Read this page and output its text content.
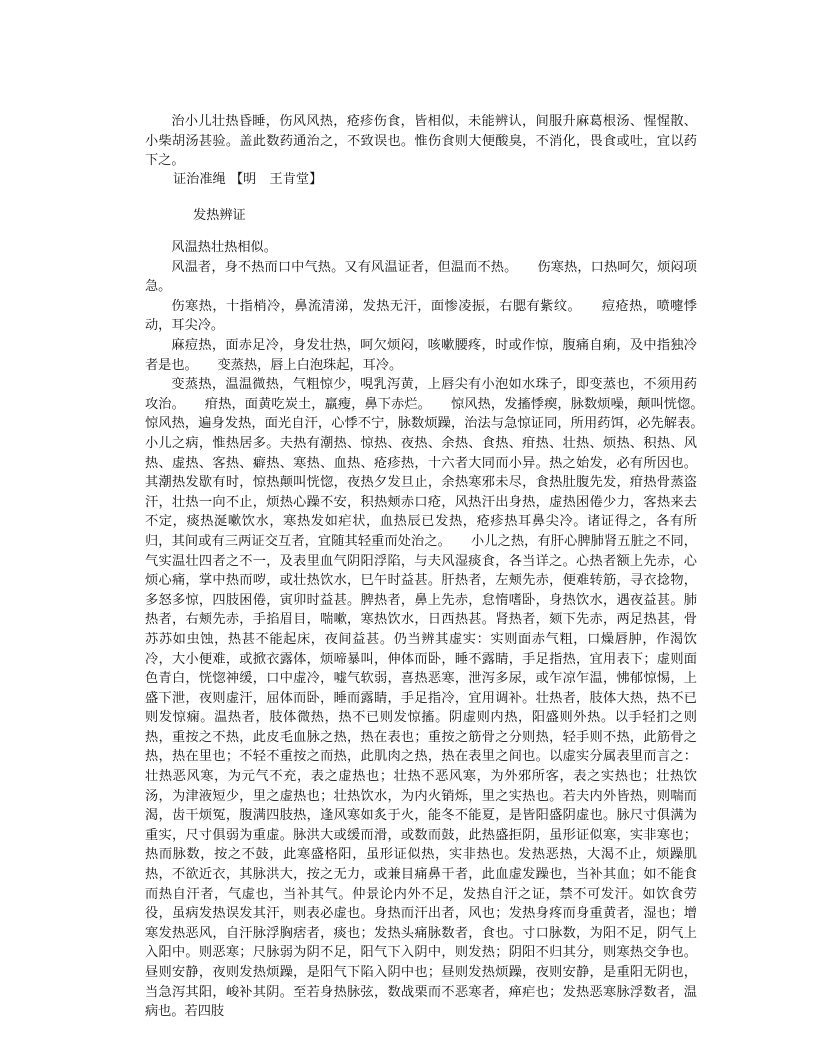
治小儿壮热昏睡，伤风风热，疮疹伤食，皆相似，未能辨认，间服升麻葛根汤、惺惺散、小柴胡汤甚验。盖此数药通治之，不致误也。惟伤食则大便酸臭，不消化，畏食或吐，宜以药下之。

证治准绳 【明　王肯堂】

发热辨证

风温热壮热相似。

风温者，身不热而口中气热。又有风温证者，但温而不热。　　伤寒热，口热呵欠，烦闷项急。

伤寒热，十指梢冷，鼻流清涕，发热无汗，面惨凌振，右腮有紫纹。　　痘疮热，喷嚏悸动，耳尖冷。

麻痘热，面赤足冷，身发壮热，呵欠烦闷，咳嗽腰疼，时或作惊，腹痛自痢，及中指独冷者是也。　　变蒸热，唇上白泡珠起，耳冷。

变蒸热，温温微热，气粗惊少，哯乳泻黄，上唇尖有小泡如水珠子，即变蒸也，不须用药攻治。　　疳热，面黄吃炭土，羸瘦，鼻下赤烂。　　惊风热，发搐悸瘈，脉数烦噪，颠叫恍惚。　　惊风热，遍身发热，面光自汗，心悸不宁，脉数烦躁，治法与急惊证同，所用药饵，必先解表。　　小儿之病，惟热居多。夫热有潮热、惊热、夜热、余热、食热、疳热、壮热、烦热、积热、风热、虚热、客热、癖热、寒热、血热、疮疹热，十六者大同而小异。热之始发，必有所因也。其潮热发歇有时，惊热颠叫恍惚，夜热夕发旦止，余热寒邪未尽，食热肚腹先发，疳热骨蒸盗汗，壮热一向不止，烦热心躁不安，积热颊赤口疮，风热汗出身热，虚热困倦少力，客热来去不定，痰热涎嗽饮水，寒热发如疟状，血热辰已发热，疮疹热耳鼻尖冷。诸证得之，各有所归，其间或有三两证交互者，宜随其轻重而处治之。　　小儿之热，有肝心脾肺肾五脏之不同，气实温壮四者之不一，及表里血气阴阳浮陷，与夫风湿痰食，各当详之。心热者额上先赤，心烦心痛，掌中热而哕，或壮热饮水，巳午时益甚。肝热者，左颊先赤，便难转筋，寻衣捻物，多怒多惊，四肢困倦，寅卯时益甚。脾热者，鼻上先赤，怠惰嗜卧，身热饮水，遇夜益甚。肺热者，右颊先赤，手掐眉目，喘嗽，寒热饮水，日西热甚。肾热者，颏下先赤，两足热甚，骨苏苏如虫蚀，热甚不能起床，夜间益甚。仍当辨其虚实：实则面赤气粗，口燥唇肿，作渴饮冷，大小便难，或掀衣露体，烦啼暴叫，伸体而卧，睡不露睛，手足指热，宜用表下；虚则面色青白，恍惚神缓，口中虚冷，嘘气软弱，喜热恶寒，泄泻多尿，或乍凉乍温，怫郁惊惕，上盛下泄，夜则虚汗，屈体而卧，睡而露睛，手足指冷，宜用调补。壮热者，肢体大热，热不已则发惊痫。温热者，肢体微热，热不已则发惊搐。阴虚则内热，阳盛则外热。以手轻扪之则热，重按之不热，此皮毛血脉之热，热在表也；重按之筋骨之分则热，轻手则不热，此筋骨之热，热在里也；不轻不重按之而热，此肌肉之热，热在表里之间也。以虚实分属表里而言之：壮热恶风寒，为元气不充，表之虚热也；壮热不恶风寒，为外邪所客，表之实热也；壮热饮汤，为津液短少，里之虚热也；壮热饮水，为内火销烁，里之实热也。若夫内外皆热，则喘而渴，齿干烦冤，腹满四肢热，逢风寒如炙于火，能冬不能夏，是皆阳盛阴虚也。脉尺寸俱满为重实，尺寸俱弱为重虚。脉洪大或缓而滑，或数而鼓，此热盛拒阴，虽形证似寒，实非寒也；热而脉数，按之不鼓，此寒盛格阳，虽形证似热，实非热也。发热恶热，大渴不止，烦躁肌热，不欲近衣，其脉洪大，按之无力，或兼目痛鼻干者，此血虚发躁也，当补其血；如不能食而热自汗者，气虚也，当补其气。仲景论内外不足，发热自汗之证，禁不可发汗。如饮食劳役，虽病发热误发其汗，则表必虚也。身热而汗出者，风也；发热身疼而身重黄者，湿也；增寒发热恶风，自汗脉浮胸痞者，痰也；发热头痛脉数者，食也。寸口脉数，为阳不足，阴气上入阳中。则恶寒；尺脉弱为阴不足，阳气下入阴中，则发热；阴阳不归其分，则寒热交争也。昼则安静，夜则发热烦躁，是阳气下陷入阴中也；昼则发热烦躁，夜则安静，是重阳无阴也，当急泻其阳，峻补其阴。至若身热脉弦，数战栗而不恶寒者，瘅疟也；发热恶寒脉浮数者，温病也。若四肢
